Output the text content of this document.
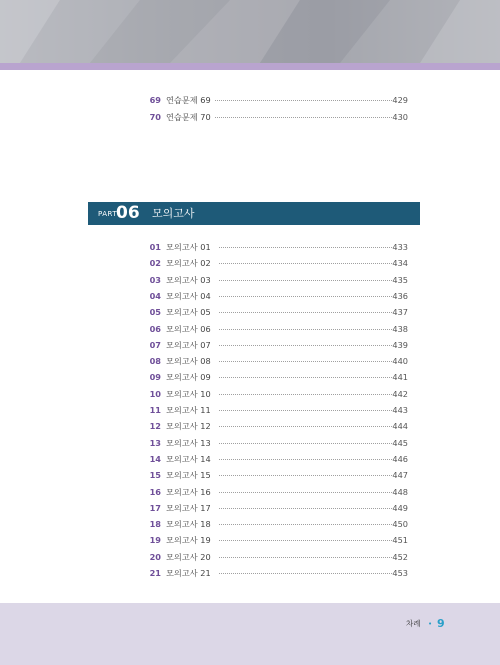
69 연습문제 69	429
70 연습문제 70	430
PART
06 모의고사
01 모의고사 01	433
02 모의고사 02	434
03 모의고사 03	435
04 모의고사 04	436
05 모의고사 05	437
06 모의고사 06	438
07 모의고사 07	439
08 모의고사 08	440
09 모의고사 09	441
10 모의고사 10	442
11 모의고사 11	443
12 모의고사 12	444
13 모의고사 13	445
14 모의고사 14	446
15 모의고사 15	447
16 모의고사 16	448
17 모의고사 17	449
18 모의고사 18	450
19 모의고사 19	451
20 모의고사 20	452
21 모의고사 21	453
차례 • 9
